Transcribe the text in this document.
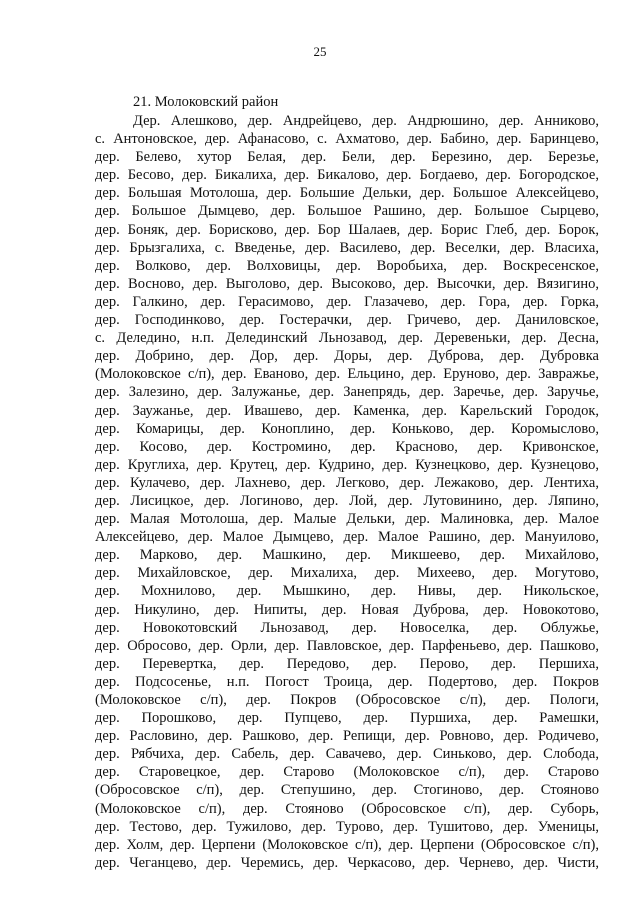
25
21. Молоковский район
Дер. Алешково, дер. Андрейцево, дер. Андрюшино, дер. Анниково,
с. Антоновское, дер. Афанасово, с. Ахматово, дер. Бабино, дер. Баринцево,
дер. Белево, хутор Белая, дер. Бели, дер. Березино, дер. Березье,
дер. Бесово, дер. Бикалиха, дер. Бикалово, дер. Богдаево, дер. Богородское,
дер. Большая Мотолоша, дер. Большие Дельки, дер. Большое Алексейцево,
дер. Большое Дымцево, дер. Большое Рашино, дер. Большое Сырцево,
дер. Боняк, дер. Борисково, дер. Бор Шалаев, дер. Борис Глеб, дер. Борок,
дер. Брызгалиха, с. Введенье, дер. Василево, дер. Веселки, дер. Власиха,
дер. Волково, дер. Волховицы, дер. Воробьиха, дер. Воскресенское,
дер. Восново, дер. Выголово, дер. Высоково, дер. Высочки, дер. Вязигино,
дер. Галкино, дер. Герасимово, дер. Глазачево, дер. Гора, дер. Горка,
дер. Господинково, дер. Гостерачки, дер. Гричево, дер. Даниловское,
с. Деледино, н.п. Делединский Льнозавод, дер. Деревеньки, дер. Десна,
дер. Добрино, дер. Дор, дер. Доры, дер. Дуброва, дер. Дубровка
(Молоковское с/п), дер. Еваново, дер. Ельцино, дер. Еруново, дер. Завражье,
дер. Залезино, дер. Залужанье, дер. Занепрядь, дер. Заречье, дер. Заручье,
дер. Заужанье, дер. Ивашево, дер. Каменка, дер. Карельский Городок,
дер. Комарицы, дер. Коноплино, дер. Коньково, дер. Коромыслово,
дер. Косово, дер. Костромино, дер. Красново, дер. Кривонское,
дер. Круглиха, дер. Крутец, дер. Кудрино, дер. Кузнецково, дер. Кузнецово,
дер. Кулачево, дер. Лахнево, дер. Легково, дер. Лежаково, дер. Лентиха,
дер. Лисицкое, дер. Логиново, дер. Лой, дер. Лутовинино, дер. Ляпино,
дер. Малая Мотолоша, дер. Малые Дельки, дер. Малиновка, дер. Малое
Алексейцево, дер. Малое Дымцево, дер. Малое Рашино, дер. Мануилово,
дер. Марково, дер. Машкино, дер. Микшеево, дер. Михайлово,
дер. Михайловское, дер. Михалиха, дер. Михеево, дер. Могутово,
дер. Мохнилово, дер. Мышкино, дер. Нивы, дер. Никольское,
дер. Никулино, дер. Нипиты, дер. Новая Дуброва, дер. Новокотово,
дер. Новокотовский Льнозавод, дер. Новоселка, дер. Облужье,
дер. Обросово, дер. Орли, дер. Павловское, дер. Парфеньево, дер. Пашково,
дер. Перевертка, дер. Передово, дер. Перово, дер. Першиха,
дер. Подсосенье, н.п. Погост Троица, дер. Подертово, дер. Покров
(Молоковское с/п), дер. Покров (Обросовское с/п), дер. Пологи,
дер. Порошково, дер. Пупцево, дер. Пуршиха, дер. Рамешки,
дер. Расловино, дер. Рашково, дер. Репищи, дер. Ровново, дер. Родичево,
дер. Рябчиха, дер. Сабель, дер. Савачево, дер. Синьково, дер. Слобода,
дер. Старовецкое, дер. Старово (Молоковское с/п), дер. Старово
(Обросовское с/п), дер. Степушино, дер. Стогиново, дер. Стояново
(Молоковское с/п), дер. Стояново (Обросовское с/п), дер. Суборь,
дер. Тестово, дер. Тужилово, дер. Турово, дер. Тушитово, дер. Уменицы,
дер. Холм, дер. Церпени (Молоковское с/п), дер. Церпени (Обросовское с/п),
дер. Чеганцево, дер. Черемись, дер. Черкасово, дер. Чернево, дер. Чисти,
